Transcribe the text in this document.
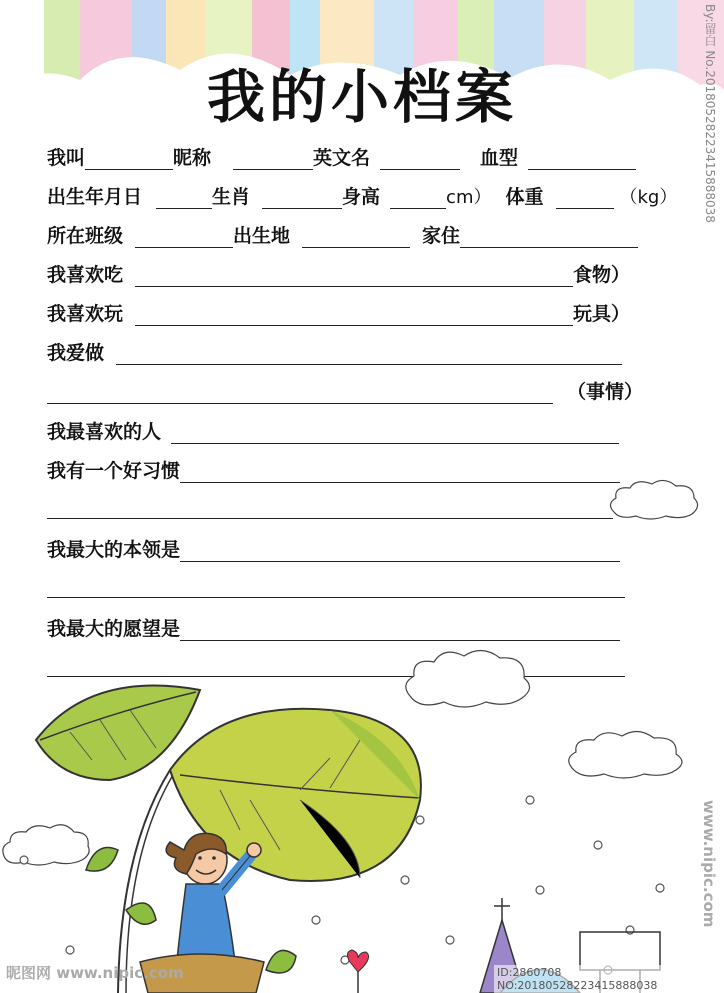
我的小档案
我叫	昵称	英文名	血型
出生年月日	生肖	身高	cm） 体重	（kg）
所在班级	出生地	家住
我喜欢吃	食物）
我喜欢玩	玩具）
我爱做
（事情）
我最喜欢的人
我有一个好习惯
我最大的本领是
我最大的愿望是
昵图网 www.nipic.com	ID:2860708 NO:20180528223415888038
By:留白 No.20180528223415888038
www.nipic.com
